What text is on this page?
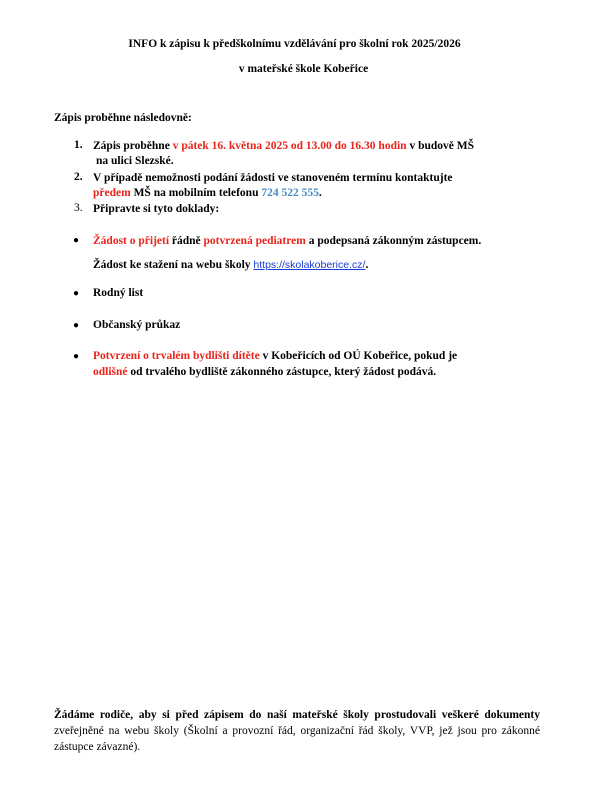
INFO k zápisu k předškolnímu vzdělávání pro školní rok 2025/2026
v mateřské škole Kobeřice
Zápis proběhne následovně:
1. Zápis proběhne v pátek 16. května 2025 od 13.00 do 16.30 hodin v budově MŠ
na ulici Slezské.
2. V případě nemožnosti podání žádosti ve stanoveném termínu kontaktujte
předem MŠ na mobilním telefonu 724 522 555.
3. Připravte si tyto doklady:
● Žádost o přijetí řádně potvrzená pediatrem a podepsaná zákonným zástupcem.
Žádost ke stažení na webu školy https://skolakoberice.cz/.
● Rodný list
● Občanský průkaz
● Potvrzení o trvalém bydlišti dítěte v Kobeřicích od OÚ Kobeřice, pokud je
odlišné od trvalého bydliště zákonného zástupce, který žádost podává.
Žádáme rodiče, aby si před zápisem do naší mateřské školy prostudovali veškeré dokumenty zveřejněné na webu školy (Školní a provozní řád, organizační řád školy, VVP, jež jsou pro zákonné zástupce závazné).
